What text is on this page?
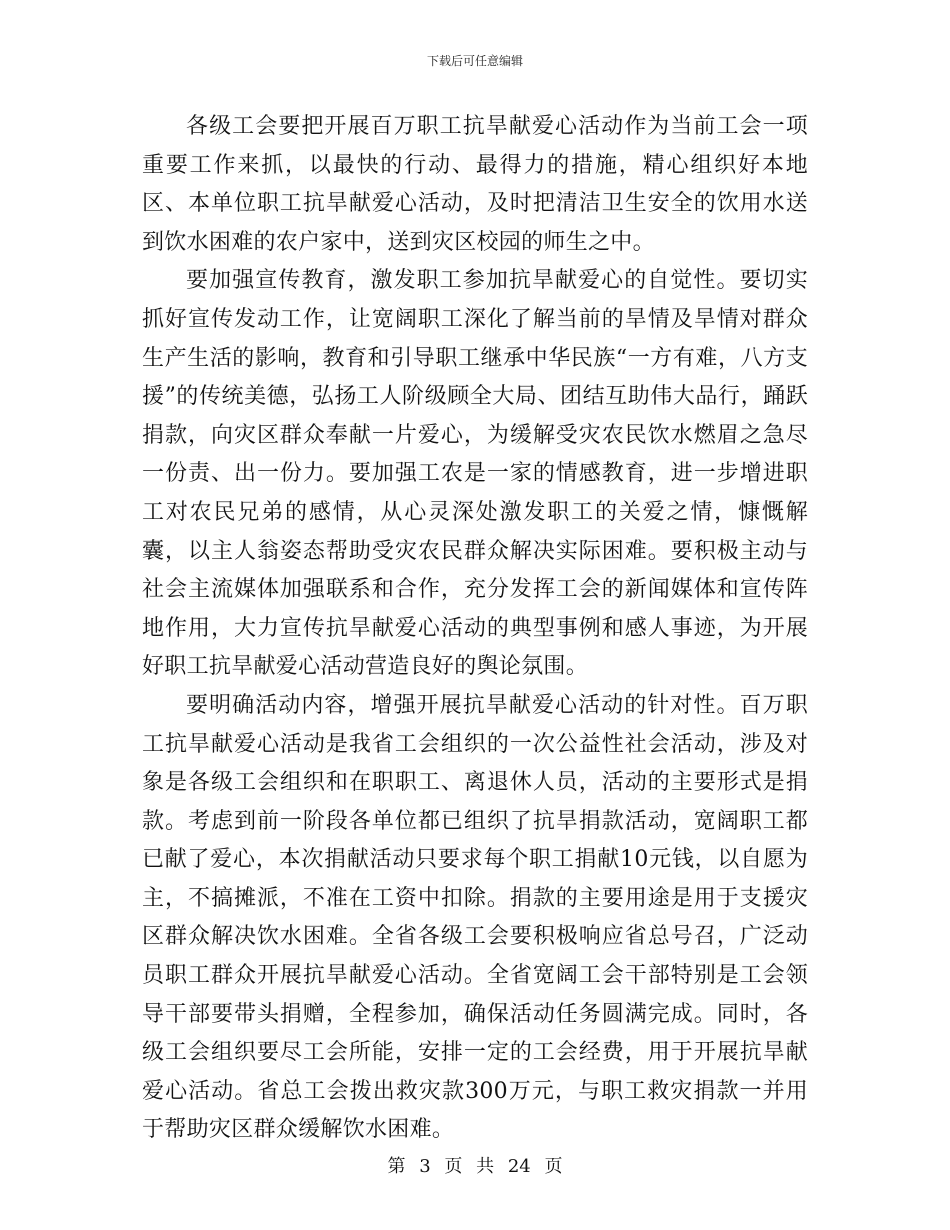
下载后可任意编辑

各级工会要把开展百万职工抗旱献爱心活动作为当前工会一项重要工作来抓，以最快的行动、最得力的措施，精心组织好本地区、本单位职工抗旱献爱心活动，及时把清洁卫生安全的饮用水送到饮水困难的农户家中，送到灾区校园的师生之中。

要加强宣传教育，激发职工参加抗旱献爱心的自觉性。要切实抓好宣传发动工作，让宽阔职工深化了解当前的旱情及旱情对群众生产生活的影响，教育和引导职工继承中华民族“一方有难，八方支援”的传统美德，弘扬工人阶级顾全大局、团结互助伟大品行，踊跃捐款，向灾区群众奉献一片爱心，为缓解受灾农民饮水燃眉之急尽一份责、出一份力。要加强工农是一家的情感教育，进一步增进职工对农民兄弟的感情，从心灵深处激发职工的关爱之情，慷慨解囊，以主人翁姿态帮助受灾农民群众解决实际困难。要积极主动与社会主流媒体加强联系和合作，充分发挥工会的新闻媒体和宣传阵地作用，大力宣传抗旱献爱心活动的典型事例和感人事迹，为开展好职工抗旱献爱心活动营造良好的舆论氛围。

要明确活动内容，增强开展抗旱献爱心活动的针对性。百万职工抗旱献爱心活动是我省工会组织的一次公益性社会活动，涉及对象是各级工会组织和在职职工、离退休人员，活动的主要形式是捐款。考虑到前一阶段各单位都已组织了抗旱捐款活动，宽阔职工都已献了爱心，本次捐献活动只要求每个职工捐献10元钱，以自愿为主，不搞摊派，不准在工资中扣除。捐款的主要用途是用于支援灾区群众解决饮水困难。全省各级工会要积极响应省总号召，广泛动员职工群众开展抗旱献爱心活动。全省宽阔工会干部特别是工会领导干部要带头捐赠，全程参加，确保活动任务圆满完成。同时，各级工会组织要尽工会所能，安排一定的工会经费，用于开展抗旱献爱心活动。省总工会拨出救灾款300万元，与职工救灾捐款一并用于帮助灾区群众缓解饮水困难。

第 3 页 共 24 页
